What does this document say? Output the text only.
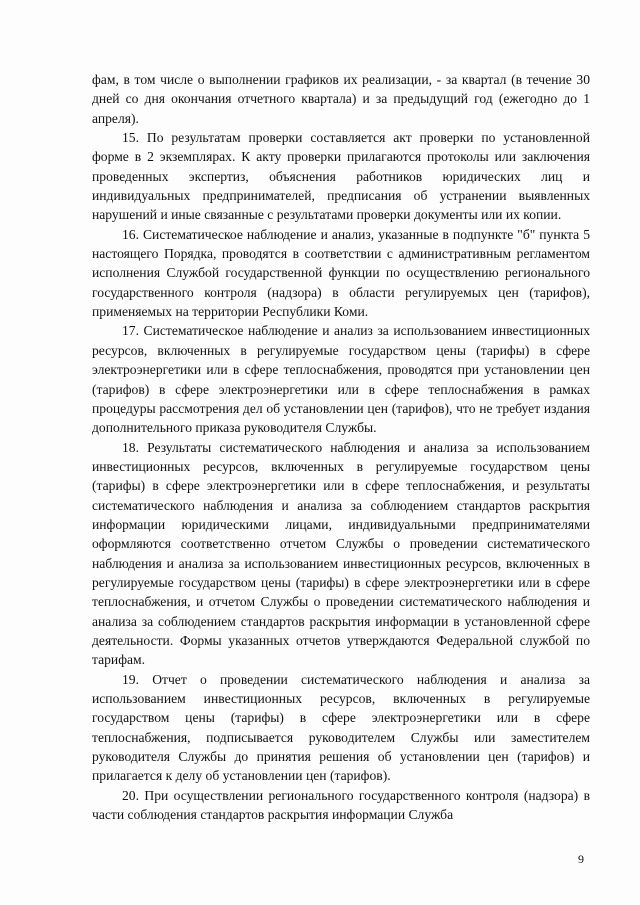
фам, в том числе о выполнении графиков их реализации, - за квартал (в течение 30 дней со дня окончания отчетного квартала) и за предыдущий год (ежегодно до 1 апреля).

15. По результатам проверки составляется акт проверки по установленной форме в 2 экземплярах. К акту проверки прилагаются протоколы или заключения проведенных экспертиз, объяснения работников юридических лиц и индивидуальных предпринимателей, предписания об устранении выявленных нарушений и иные связанные с результатами проверки документы или их копии.

16. Систематическое наблюдение и анализ, указанные в подпункте "б" пункта 5 настоящего Порядка, проводятся в соответствии с административным регламентом исполнения Службой государственной функции по осуществлению регионального государственного контроля (надзора) в области регулируемых цен (тарифов), применяемых на территории Республики Коми.

17. Систематическое наблюдение и анализ за использованием инвестиционных ресурсов, включенных в регулируемые государством цены (тарифы) в сфере электроэнергетики или в сфере теплоснабжения, проводятся при установлении цен (тарифов) в сфере электроэнергетики или в сфере теплоснабжения в рамках процедуры рассмотрения дел об установлении цен (тарифов), что не требует издания дополнительного приказа руководителя Службы.

18. Результаты систематического наблюдения и анализа за использованием инвестиционных ресурсов, включенных в регулируемые государством цены (тарифы) в сфере электроэнергетики или в сфере теплоснабжения, и результаты систематического наблюдения и анализа за соблюдением стандартов раскрытия информации юридическими лицами, индивидуальными предпринимателями оформляются соответственно отчетом Службы о проведении систематического наблюдения и анализа за использованием инвестиционных ресурсов, включенных в регулируемые государством цены (тарифы) в сфере электроэнергетики или в сфере теплоснабжения, и отчетом Службы о проведении систематического наблюдения и анализа за соблюдением стандартов раскрытия информации в установленной сфере деятельности. Формы указанных отчетов утверждаются Федеральной службой по тарифам.

19. Отчет о проведении систематического наблюдения и анализа за использованием инвестиционных ресурсов, включенных в регулируемые государством цены (тарифы) в сфере электроэнергетики или в сфере теплоснабжения, подписывается руководителем Службы или заместителем руководителя Службы до принятия решения об установлении цен (тарифов) и прилагается к делу об установлении цен (тарифов).

20. При осуществлении регионального государственного контроля (надзора) в части соблюдения стандартов раскрытия информации Служба

9
